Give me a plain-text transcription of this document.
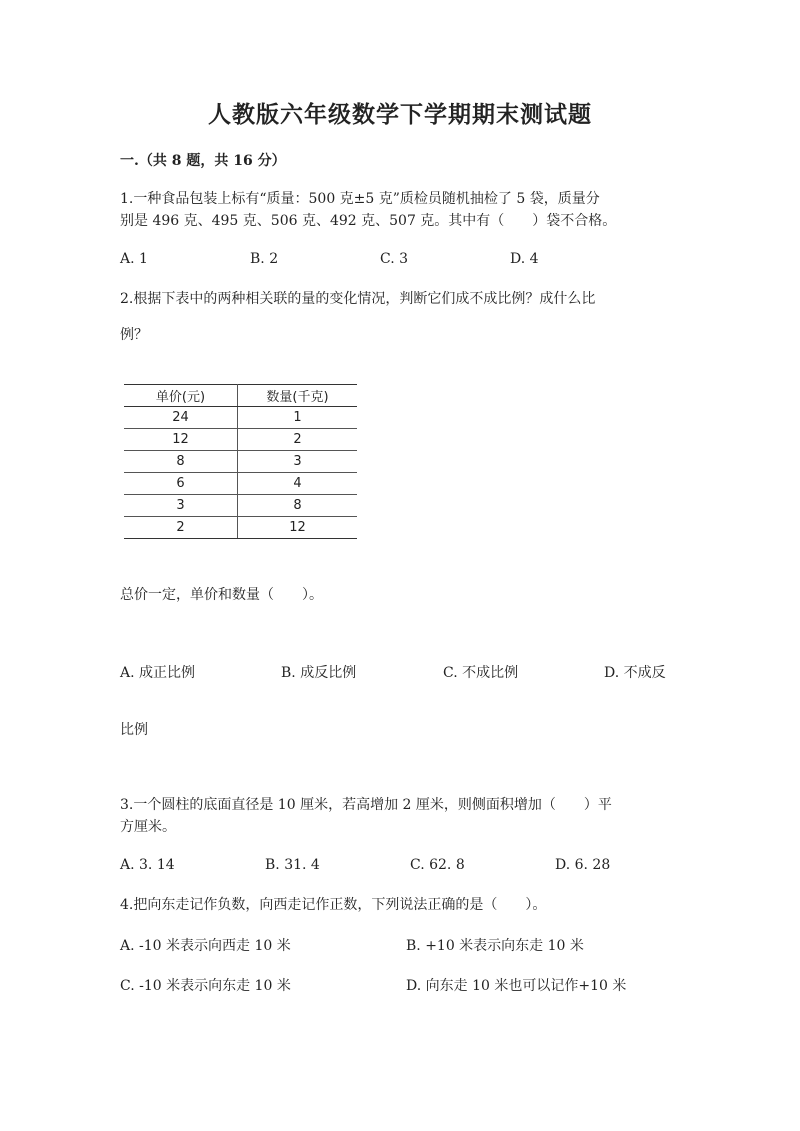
人教版六年级数学下学期期末测试题
一.（共 8 题，共 16 分）
1.一种食品包装上标有“质量：500 克±5 克”质检员随机抽检了 5 袋，质量分
别是 496 克、495 克、506 克、492 克、507 克。其中有（　　）袋不合格。
A. 1	B. 2	C. 3	D. 4
2.根据下表中的两种相关联的量的变化情况，判断它们成不成比例？成什么比
例？
单价(元)	数量(千克)
24	1
12	2
8	3
6	4
3	8
2	12
总价一定，单价和数量（　　）。
A. 成正比例	B. 成反比例	C. 不成比例	D. 不成反
比例
3.一个圆柱的底面直径是 10 厘米，若高增加 2 厘米，则侧面积增加（　　）平
方厘米。
A. 3. 14	B. 31. 4	C. 62. 8	D. 6. 28
4.把向东走记作负数，向西走记作正数，下列说法正确的是（　　）。
A. -10 米表示向西走 10 米	B. +10 米表示向东走 10 米
C. -10 米表示向东走 10 米	D. 向东走 10 米也可以记作+10 米
